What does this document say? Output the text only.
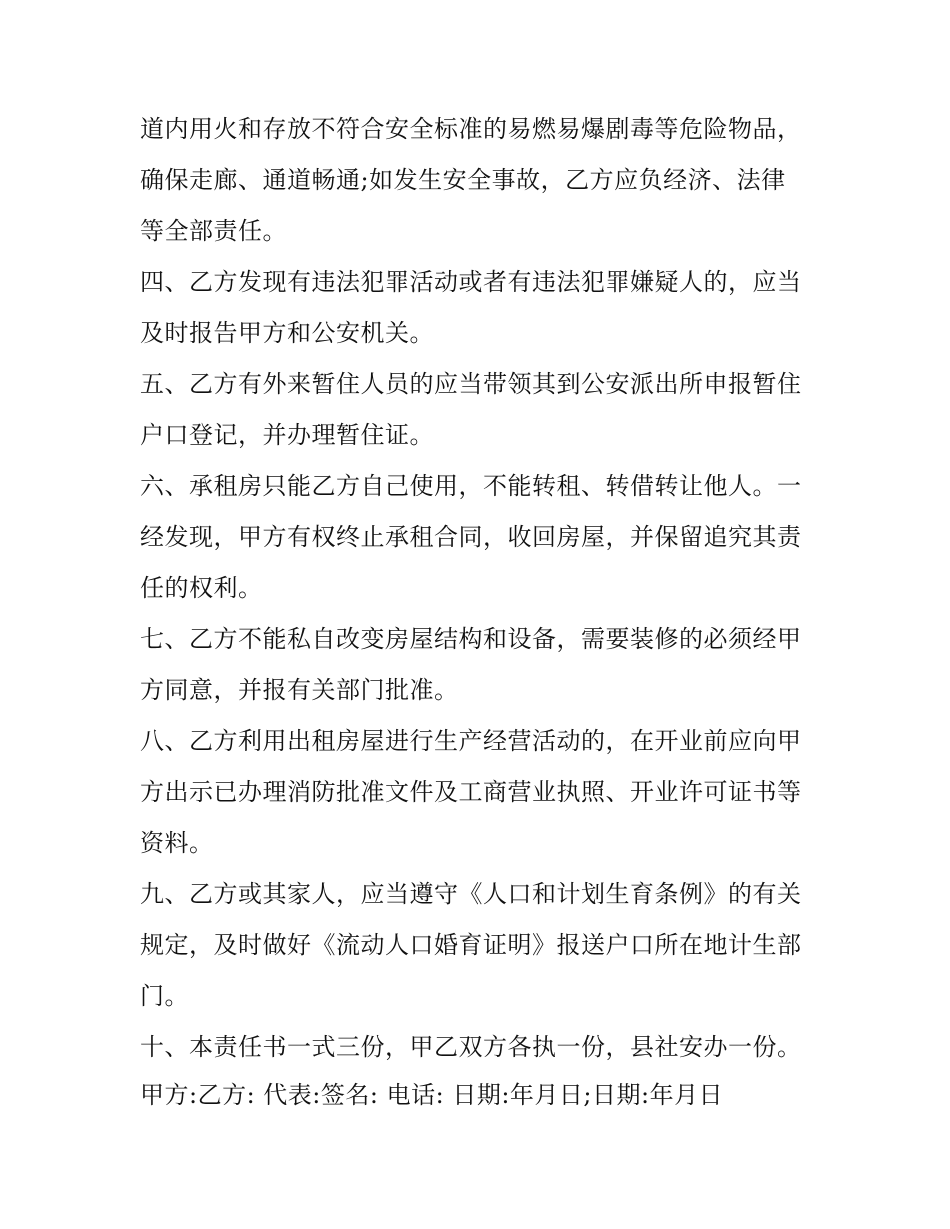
道内用火和存放不符合安全标准的易燃易爆剧毒等危险物品，
确保走廊、通道畅通;如发生安全事故，乙方应负经济、法律
等全部责任。
四、乙方发现有违法犯罪活动或者有违法犯罪嫌疑人的，应当
及时报告甲方和公安机关。
五、乙方有外来暂住人员的应当带领其到公安派出所申报暂住
户口登记，并办理暂住证。
六、承租房只能乙方自己使用，不能转租、转借转让他人。一
经发现，甲方有权终止承租合同，收回房屋，并保留追究其责
任的权利。
七、乙方不能私自改变房屋结构和设备，需要装修的必须经甲
方同意，并报有关部门批准。
八、乙方利用出租房屋进行生产经营活动的，在开业前应向甲
方出示已办理消防批准文件及工商营业执照、开业许可证书等
资料。
九、乙方或其家人，应当遵守《人口和计划生育条例》的有关
规定，及时做好《流动人口婚育证明》报送户口所在地计生部
门。
十、本责任书一式三份，甲乙双方各执一份，县社安办一份。
甲方:乙方: 代表:签名: 电话: 日期:年月日;日期:年月日
